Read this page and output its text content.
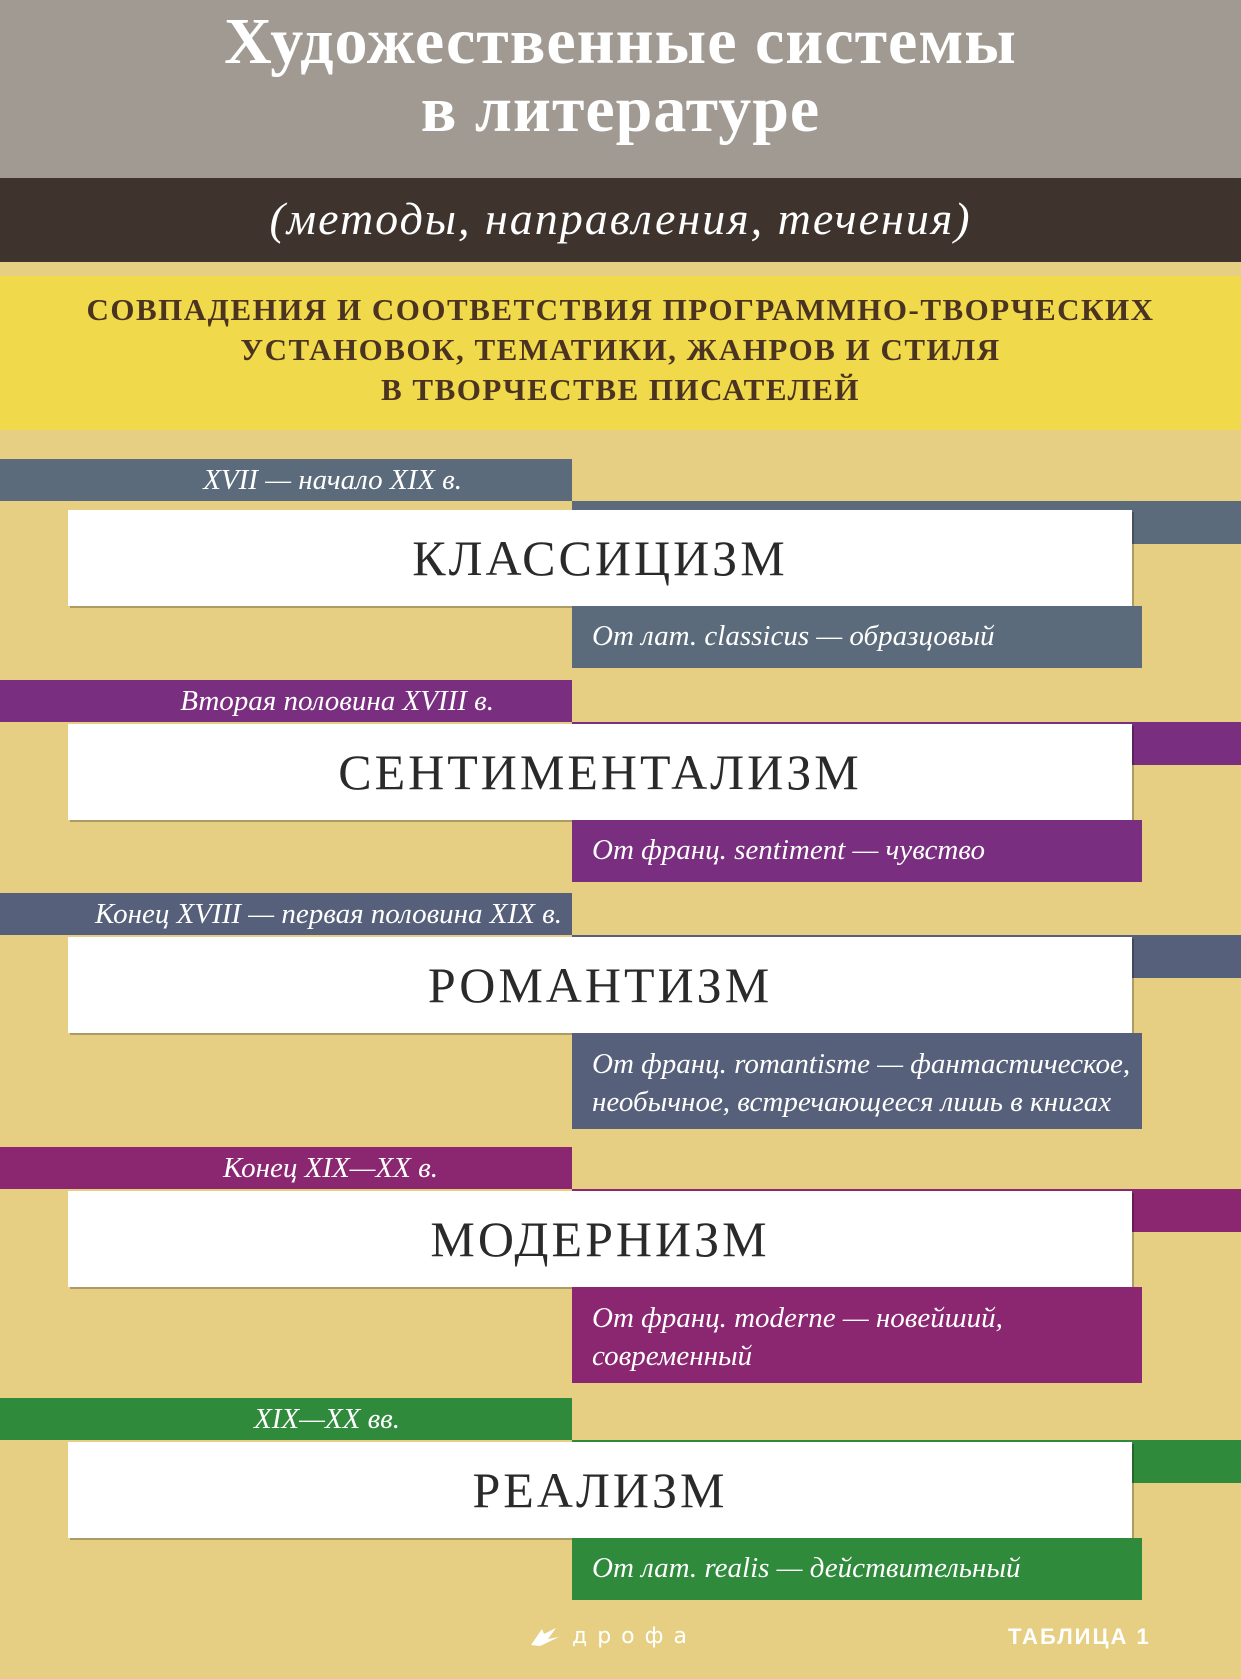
Художественные системы
в литературе
(методы, направления, течения)
СОВПАДЕНИЯ И СООТВЕТСТВИЯ ПРОГРАММНО-ТВОРЧЕСКИХ
УСТАНОВОК, ТЕМАТИКИ, ЖАНРОВ И СТИЛЯ
В ТВОРЧЕСТВЕ ПИСАТЕЛЕЙ
XVII — начало XIX в.
КЛАССИЦИЗМ
От лат. classicus — образцовый
Вторая половина XVIII в.
СЕНТИМЕНТАЛИЗМ
От франц. sentiment — чувство
Конец XVIII — первая половина XIX в.
РОМАНТИЗМ
От франц. romantisme — фантастическое,
необычное, встречающееся лишь в книгах
Конец XIX—XX в.
МОДЕРНИЗМ
От франц. moderne — новейший,
современный
XIX—XX вв.
РЕАЛИЗМ
От лат. realis — действительный
дрофа	ТАБЛИЦА 1
